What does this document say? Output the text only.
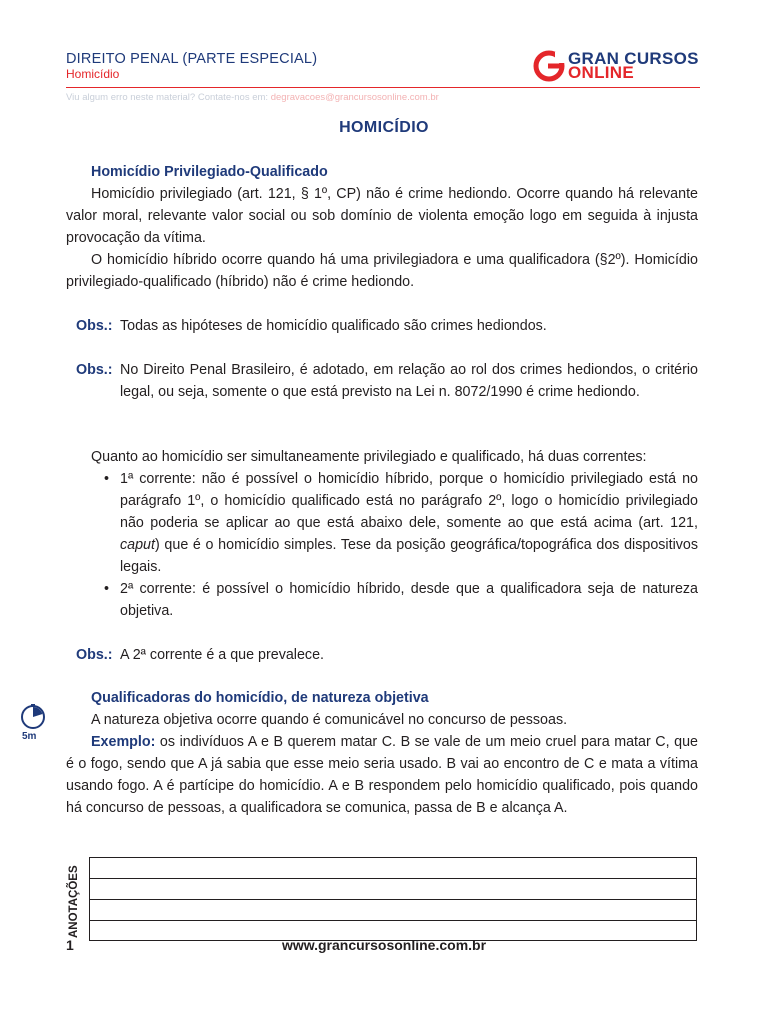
DIREITO PENAL (PARTE ESPECIAL)
Homicídio
Viu algum erro neste material? Contate-nos em: degravacoes@grancursosonline.com.br
GRAN CURSOS
ONLINE
HOMICÍDIO

Homicídio Privilegiado-Qualificado

Homicídio privilegiado (art. 121, § 1º, CP) não é crime hediondo. Ocorre quando há relevante valor moral, relevante valor social ou sob domínio de violenta emoção logo em seguida à injusta provocação da vítima.

O homicídio híbrido ocorre quando há uma privilegiadora e uma qualificadora (§2º). Homicídio privilegiado-qualificado (híbrido) não é crime hediondo.

Obs.: Todas as hipóteses de homicídio qualificado são crimes hediondos.
Obs.: No Direito Penal Brasileiro, é adotado, em relação ao rol dos crimes hediondos, o critério legal, ou seja, somente o que está previsto na Lei n. 8072/1990 é crime hediondo.

Quanto ao homicídio ser simultaneamente privilegiado e qualificado, há duas correntes:

• 1ª corrente: não é possível o homicídio híbrido, porque o homicídio privilegiado está no parágrafo 1º, o homicídio qualificado está no parágrafo 2º, logo o homicídio privilegiado não poderia se aplicar ao que está abaixo dele, somente ao que está acima (art. 121, caput) que é o homicídio simples. Tese da posição geográfica/topográfica dos dispositivos legais.
• 2ª corrente: é possível o homicídio híbrido, desde que a qualificadora seja de natureza objetiva.
Obs.: A 2ª corrente é a que prevalece.

Qualificadoras do homicídio, de natureza objetiva

A natureza objetiva ocorre quando é comunicável no concurso de pessoas.

Exemplo: os indivíduos A e B querem matar C. B se vale de um meio cruel para matar C, que é o fogo, sendo que A já sabia que esse meio seria usado. B vai ao encontro de C e mata a vítima usando fogo. A é partícipe do homicídio. A e B respondem pelo homicídio qualificado, pois quando há concurso de pessoas, a qualificadora se comunica, passa de B e alcança A.

5m
ANOTAÇÕES
1	www.grancursosonline.com.br
